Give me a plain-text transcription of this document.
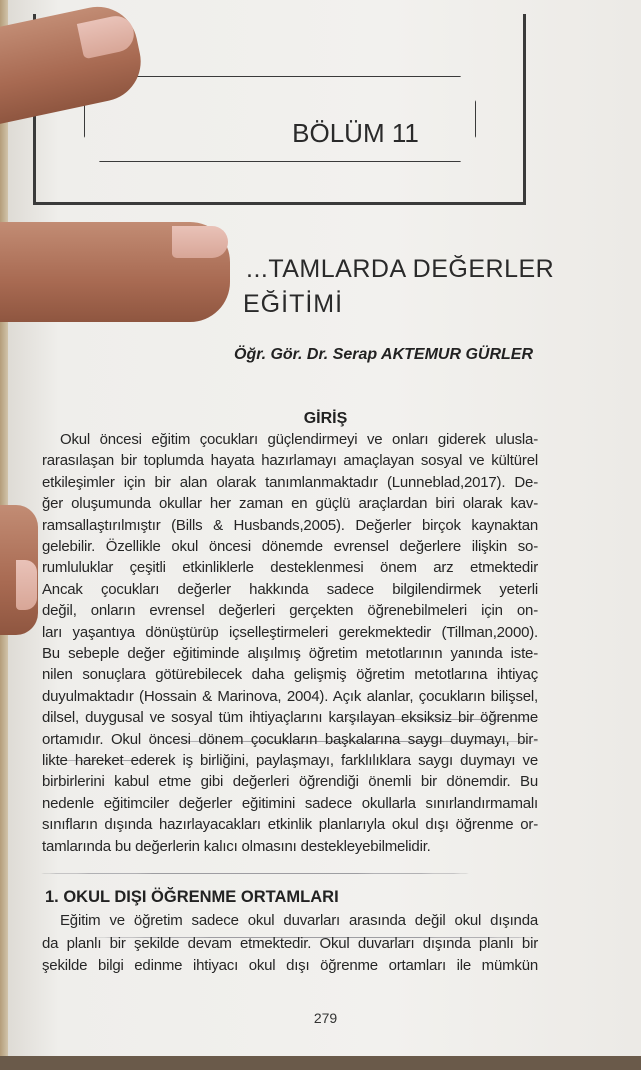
BÖLÜM 11
...TAMLARDA DEĞERLER
EĞİTİMİ
Öğr. Gör. Dr. Serap AKTEMUR GÜRLER
GİRİŞ
Okul öncesi eğitim çocukları güçlendirmeyi ve onları giderek ulusla-
rarasılaşan bir toplumda hayata hazırlamayı amaçlayan sosyal ve kültürel
etkileşimler için bir alan olarak tanımlanmaktadır (Lunneblad,2017). De-
ğer oluşumunda okullar her zaman en güçlü araçlardan biri olarak kav-
ramsallaştırılmıştır (Bills & Husbands,2005). Değerler birçok kaynaktan
gelebilir. Özellikle okul öncesi dönemde evrensel değerlere ilişkin so-
rumluluklar çeşitli etkinliklerle desteklenmesi önem arz etmektedir
Ancak çocukları değerler hakkında sadece bilgilendirmek yeterli
değil, onların evrensel değerleri gerçekten öğrenebilmeleri için on-
ları yaşantıya dönüştürüp içselleştirmeleri gerekmektedir (Tillman,2000).
Bu sebeple değer eğitiminde alışılmış öğretim metotlarının yanında iste-
nilen sonuçlara götürebilecek daha gelişmiş öğretim metotlarına ihtiyaç
duyulmaktadır (Hossain & Marinova, 2004). Açık alanlar, çocukların bilişsel,
dilsel, duygusal ve sosyal tüm ihtiyaçlarını karşılayan eksiksiz bir öğrenme
ortamıdır. Okul öncesi dönem çocukların başkalarına saygı duymayı, bir-
likte hareket ederek iş birliğini, paylaşmayı, farklılıklara saygı duymayı ve
birbirlerini kabul etme gibi değerleri öğrendiği önemli bir dönemdir. Bu
nedenle eğitimciler değerler eğitimini sadece okullarla sınırlandırmamalı
sınıfların dışında hazırlayacakları etkinlik planlarıyla okul dışı öğrenme or-
tamlarında bu değerlerin kalıcı olmasını destekleyebilmelidir.
1. OKUL DIŞI ÖĞRENME ORTAMLARI
Eğitim ve öğretim sadece okul duvarları arasında değil okul dışında
da planlı bir şekilde devam etmektedir. Okul duvarları dışında planlı bir
şekilde bilgi edinme ihtiyacı okul dışı öğrenme ortamları ile mümkün
279
